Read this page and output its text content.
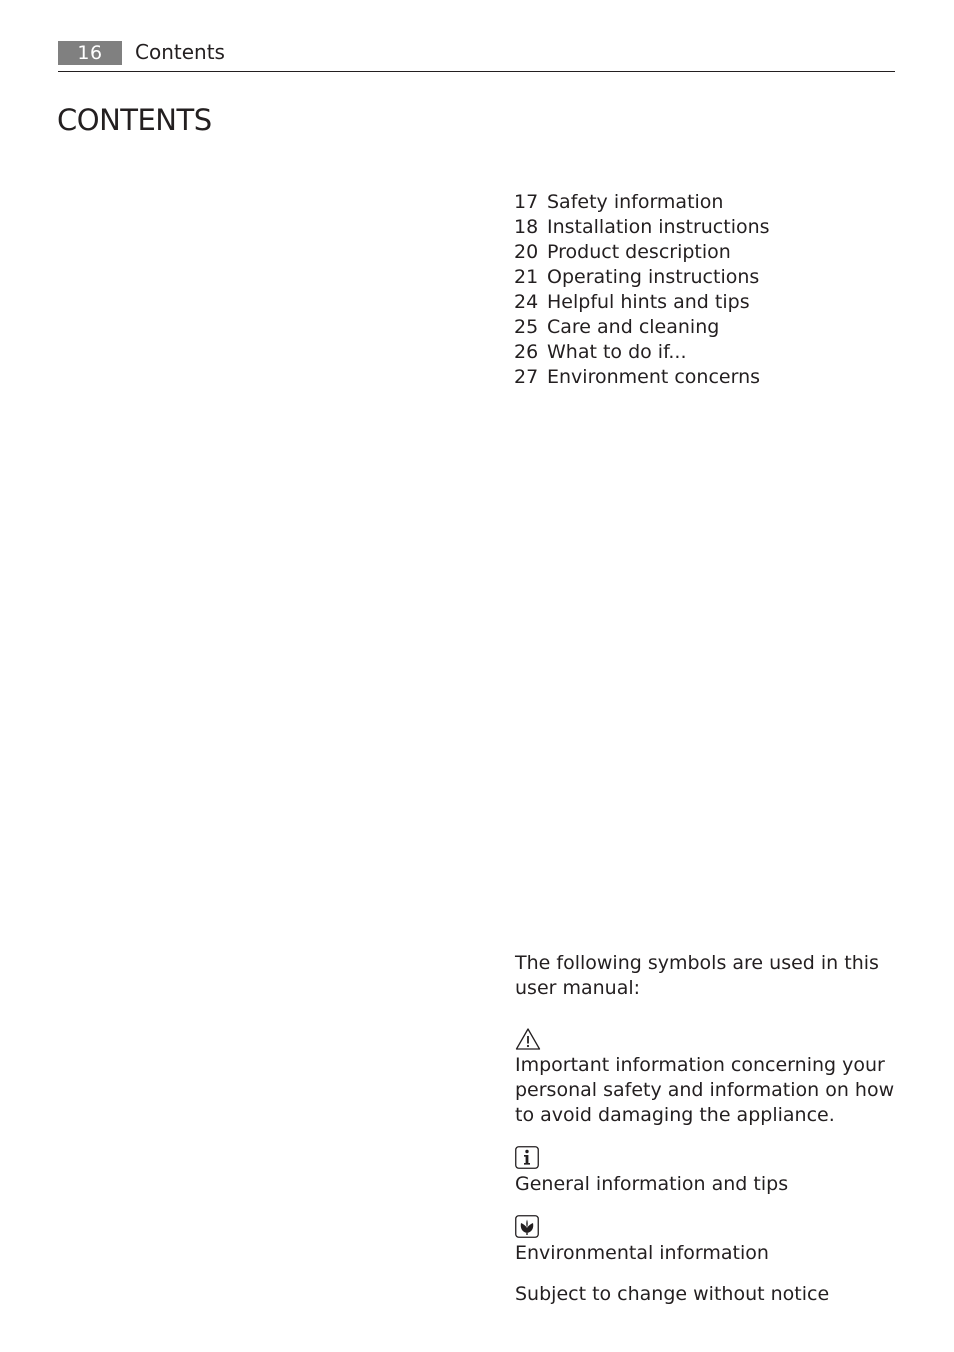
16	Contents
CONTENTS
17 Safety information
18 Installation instructions
20 Product description
21 Operating instructions
24 Helpful hints and tips
25 Care and cleaning
26 What to do if...
27 Environment concerns

The following symbols are used in this user manual:

Important information concerning your personal safety and information on how to avoid damaging the appliance.

General information and tips

Environmental information

Subject to change without notice
